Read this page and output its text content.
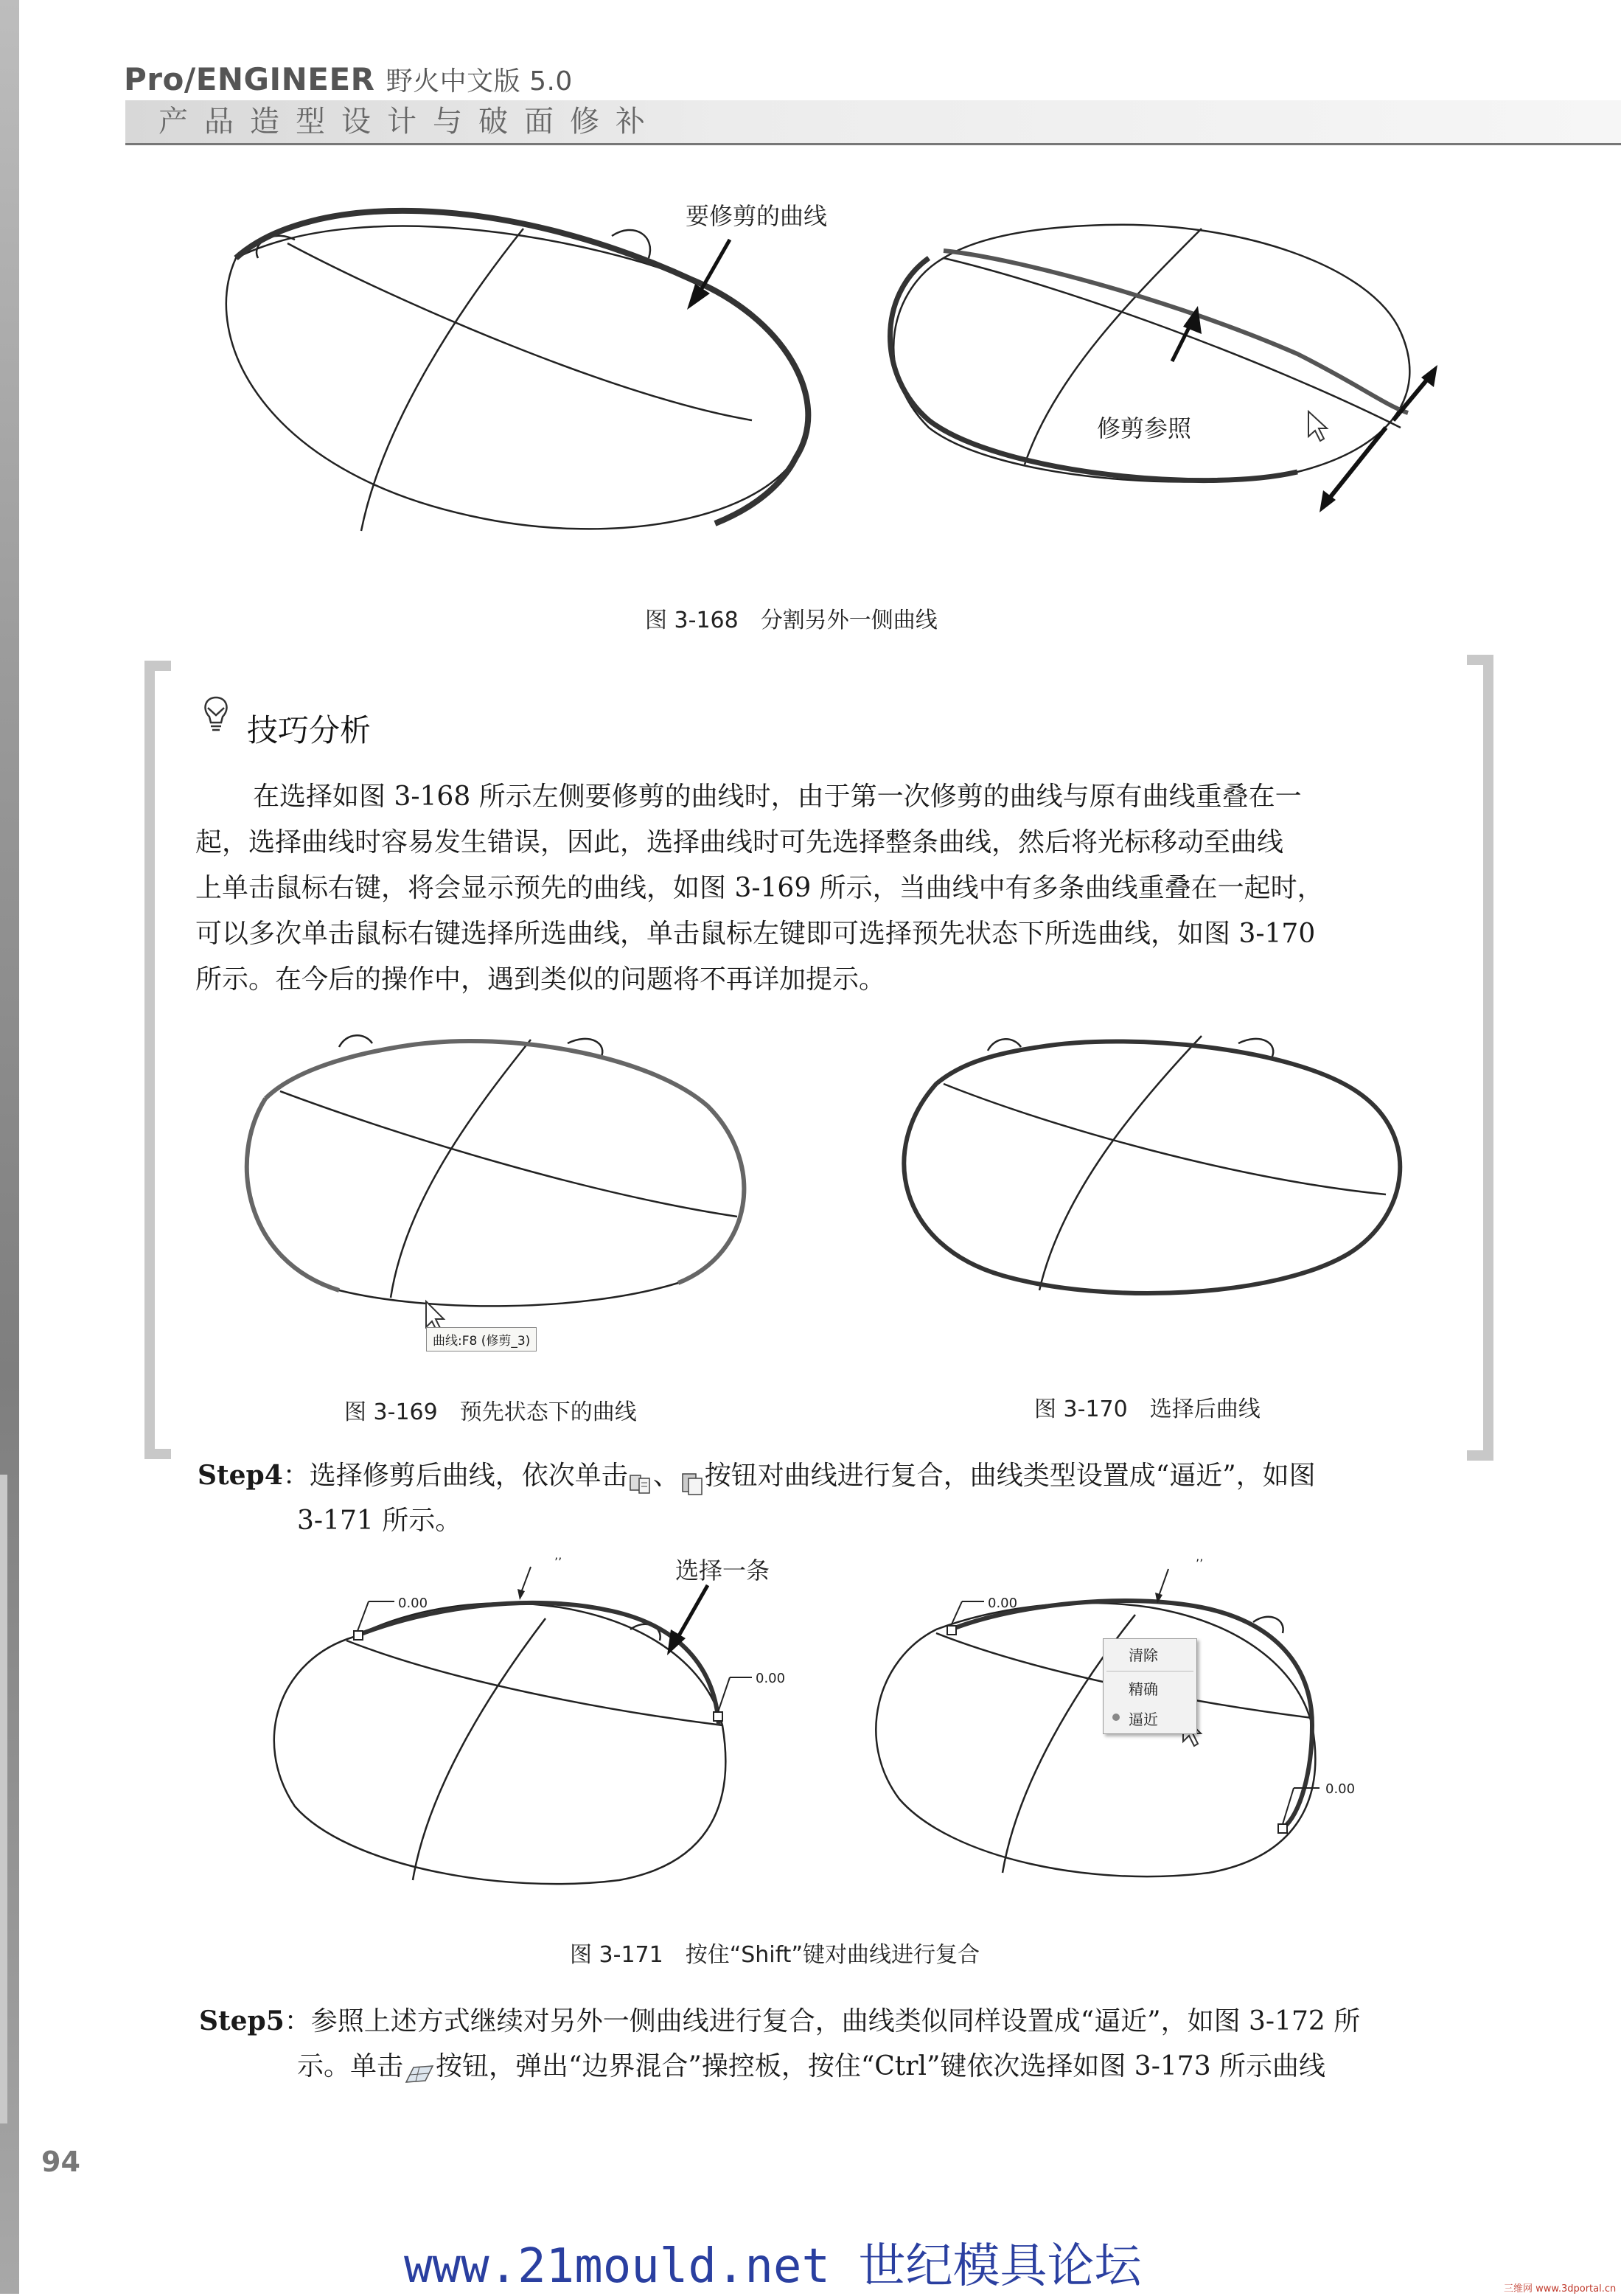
Pro/ENGINEER 野火中文版 5.0
产品造型设计与破面修补
要修剪的曲线
修剪参照
图 3-168　分割另外一侧曲线
技巧分析
在选择如图 3-168 所示左侧要修剪的曲线时，由于第一次修剪的曲线与原有曲线重叠在一
起，选择曲线时容易发生错误，因此，选择曲线时可先选择整条曲线，然后将光标移动至曲线
上单击鼠标右键，将会显示预先的曲线，如图 3-169 所示，当曲线中有多条曲线重叠在一起时，
可以多次单击鼠标右键选择所选曲线，单击鼠标左键即可选择预先状态下所选曲线，如图 3-170
所示。在今后的操作中，遇到类似的问题将不再详加提示。
曲线:F8 (修剪_3)
图 3-169　预先状态下的曲线	图 3-170　选择后曲线
Step4：选择修剪后曲线，依次单击 、 按钮对曲线进行复合，曲线类型设置成“逼近”，如图
3-171 所示。
0.00
0.00
’’
0.00
0.00
’’
选择一条
清除
精确
逼近
图 3-171　按住“Shift”键对曲线进行复合
Step5：参照上述方式继续对另外一侧曲线进行复合，曲线类似同样设置成“逼近”，如图 3-172 所
示。单击 按钮，弹出“边界混合”操控板，按住“Ctrl”键依次选择如图 3-173 所示曲线
94
www.21mould.net 世纪模具论坛	三维网 www.3dportal.cn
